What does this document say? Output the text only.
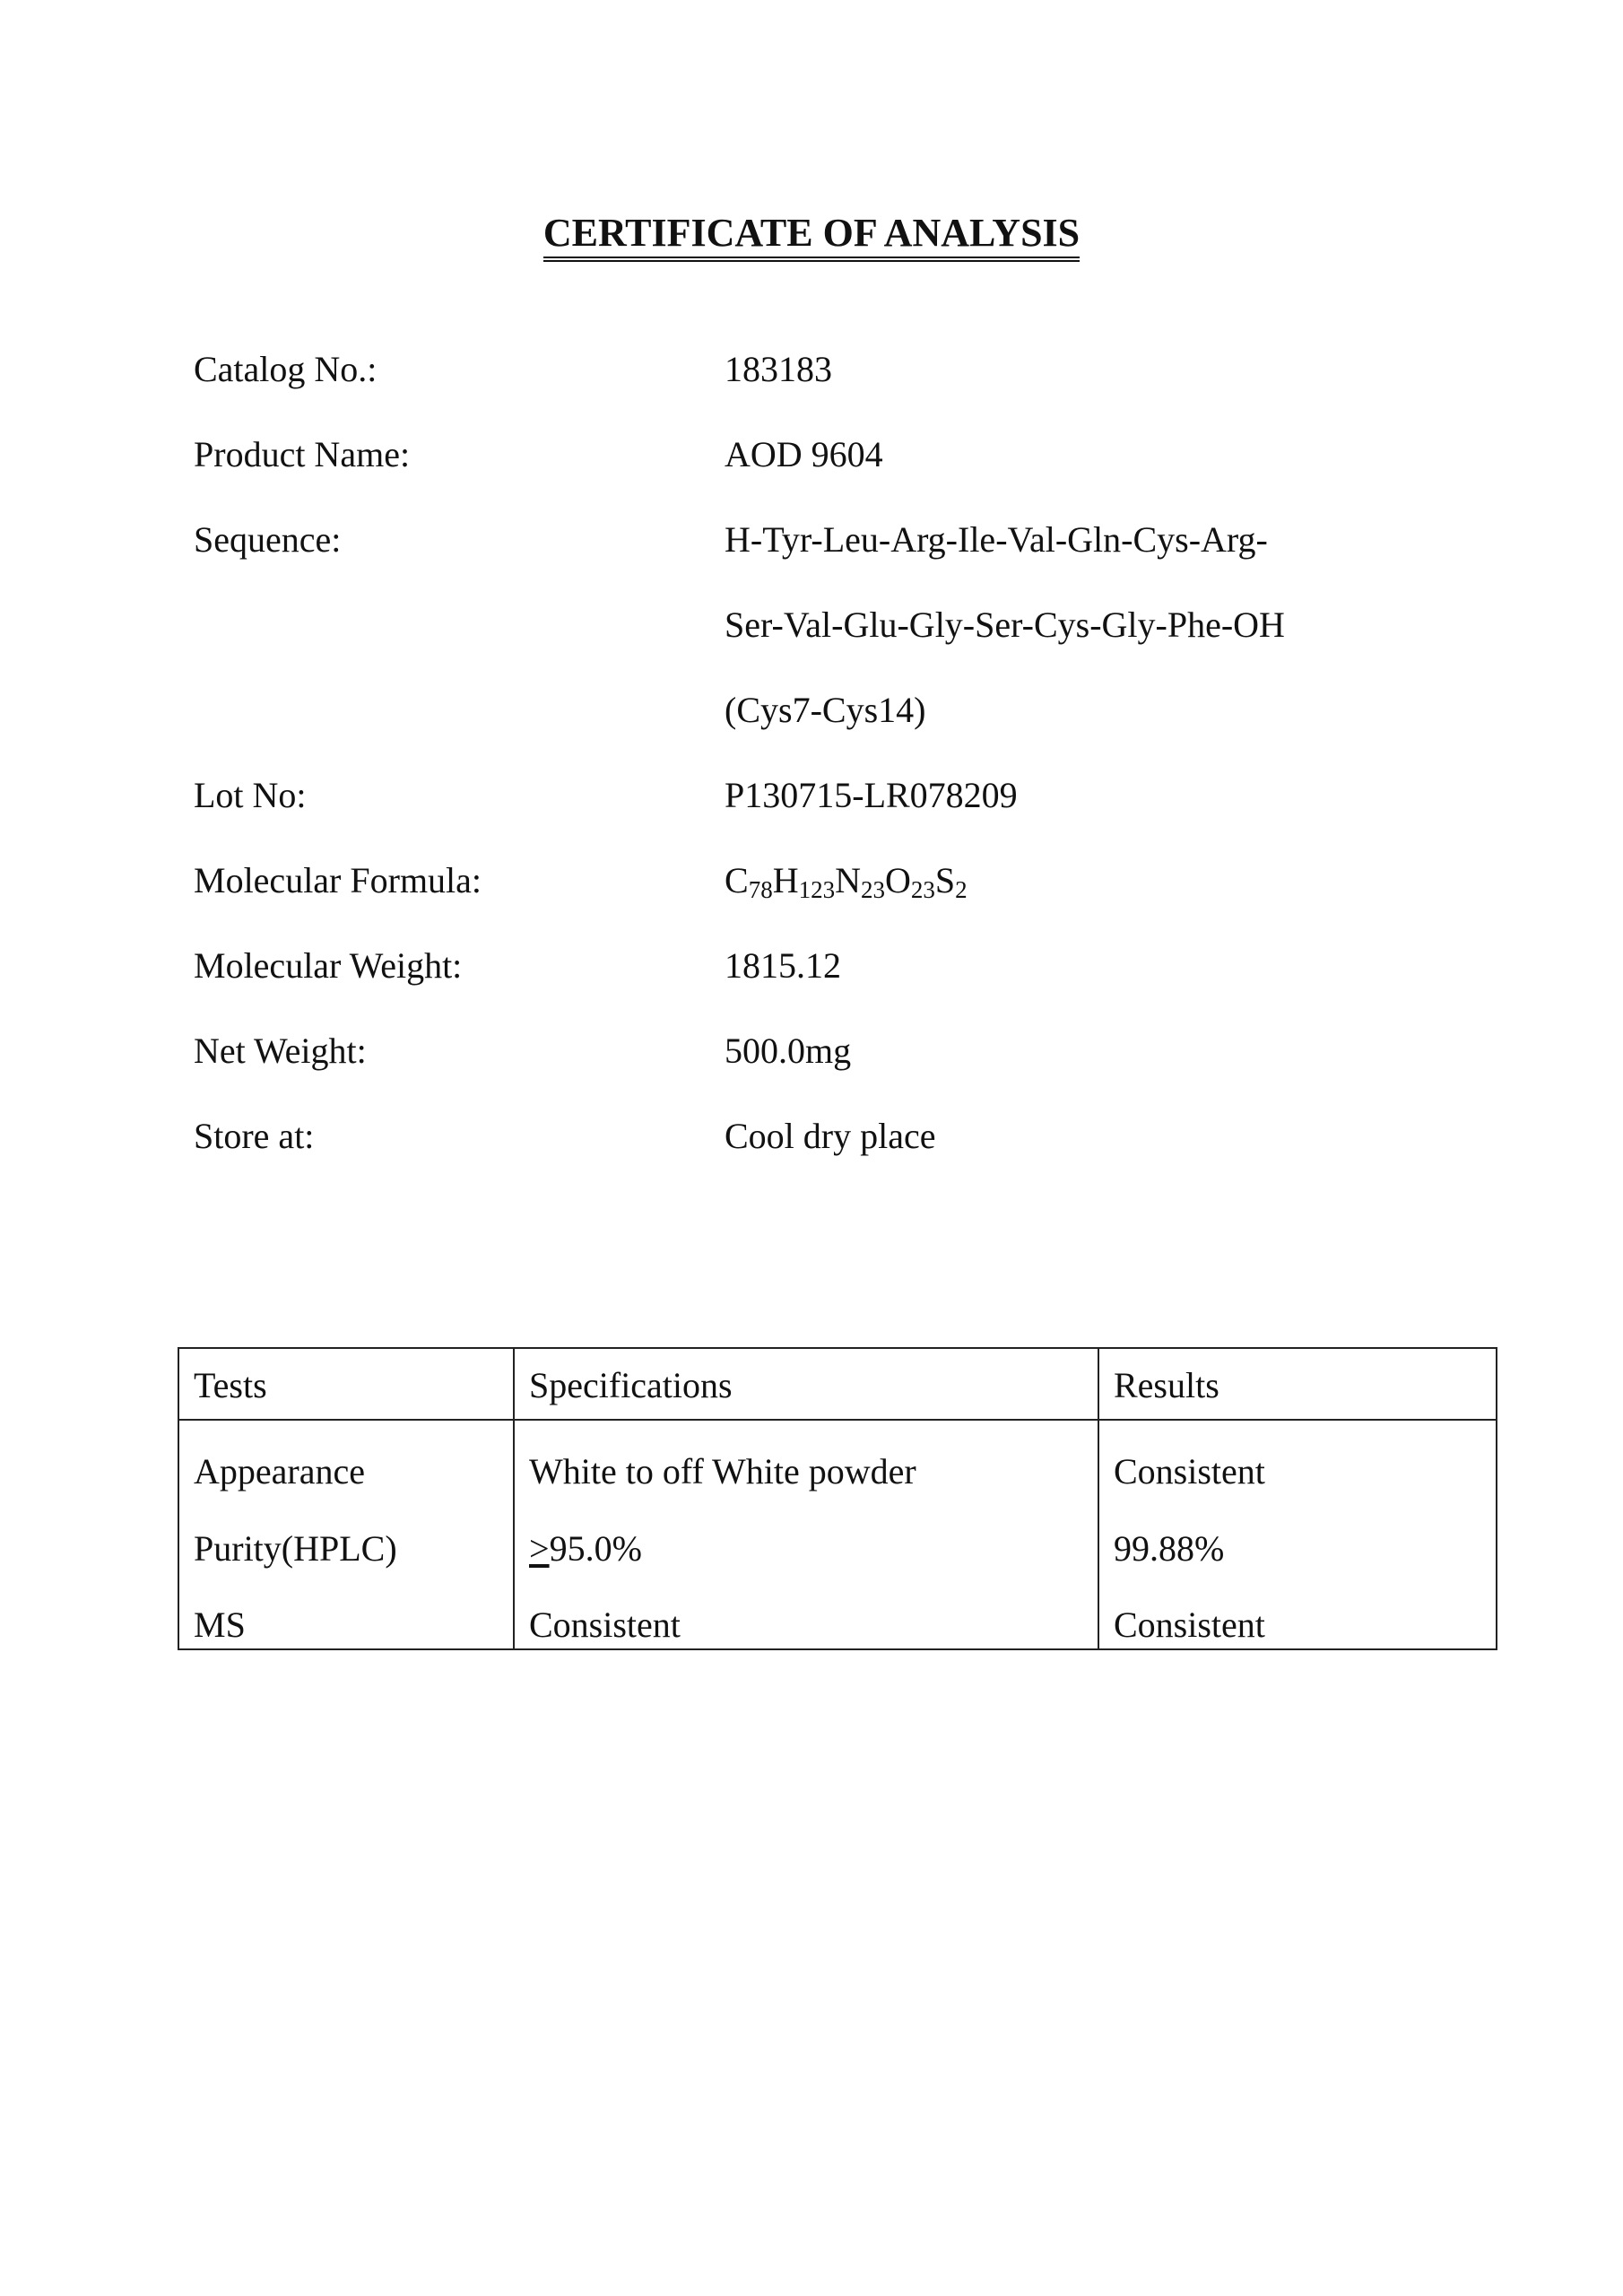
CERTIFICATE OF ANALYSIS
Catalog No.:	183183
Product Name:	AOD 9604
Sequence:	H-Tyr-Leu-Arg-Ile-Val-Gln-Cys-Arg-
Ser-Val-Glu-Gly-Ser-Cys-Gly-Phe-OH
(Cys7-Cys14)
Lot No:	P130715-LR078209
Molecular Formula:	$C_{78}H_{123}N_{23}O_{23}S_2$
Molecular Weight:	1815.12
Net Weight:	500.0mg
Store at:	Cool dry place
Tests	Specifications	Results
Appearance	White to off White powder	Consistent
Purity(HPLC)	≥95.0%	99.88%
MS	Consistent	Consistent
